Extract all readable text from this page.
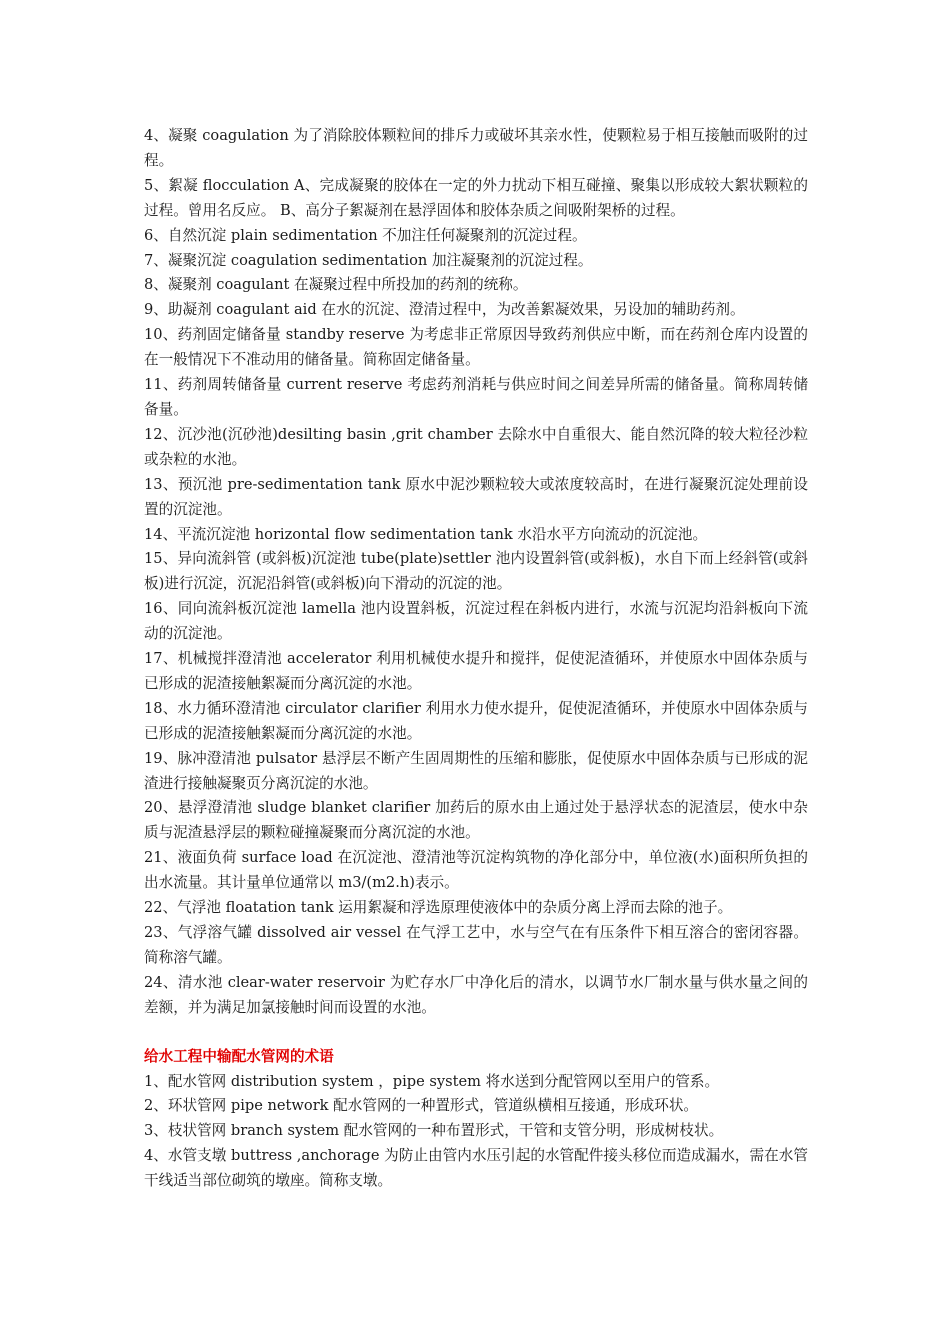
4、凝聚 coagulation 为了消除胶体颗粒间的排斥力或破坏其亲水性，使颗粒易于相互接触而吸附的过程。

5、絮凝 flocculation A、完成凝聚的胶体在一定的外力扰动下相互碰撞、聚集以形成较大絮状颗粒的过程。曾用名反应。 B、高分子絮凝剂在悬浮固体和胶体杂质之间吸附架桥的过程。

6、自然沉淀 plain sedimentation 不加注任何凝聚剂的沉淀过程。

7、凝聚沉淀 coagulation sedimentation 加注凝聚剂的沉淀过程。

8、凝聚剂 coagulant 在凝聚过程中所投加的药剂的统称。

9、助凝剂 coagulant aid 在水的沉淀、澄清过程中，为改善絮凝效果，另设加的辅助药剂。

10、药剂固定储备量 standby reserve 为考虑非正常原因导致药剂供应中断，而在药剂仓库内设置的在一般情况下不准动用的储备量。简称固定储备量。

11、药剂周转储备量 current reserve 考虑药剂消耗与供应时间之间差异所需的储备量。简称周转储备量。

12、沉沙池(沉砂池)desilting basin ,grit chamber 去除水中自重很大、能自然沉降的较大粒径沙粒或杂粒的水池。

13、预沉池 pre-sedimentation tank 原水中泥沙颗粒较大或浓度较高时，在进行凝聚沉淀处理前设置的沉淀池。

14、平流沉淀池 horizontal flow sedimentation tank 水沿水平方向流动的沉淀池。

15、异向流斜管 (或斜板)沉淀池 tube(plate)settler 池内设置斜管(或斜板)，水自下而上经斜管(或斜板)进行沉淀，沉泥沿斜管(或斜板)向下滑动的沉淀的池。

16、同向流斜板沉淀池 lamella 池内设置斜板，沉淀过程在斜板内进行，水流与沉泥均沿斜板向下流动的沉淀池。

17、机械搅拌澄清池 accelerator 利用机械使水提升和搅拌，促使泥渣循环，并使原水中固体杂质与已形成的泥渣接触絮凝而分离沉淀的水池。

18、水力循环澄清池 circulator clarifier 利用水力使水提升，促使泥渣循环，并使原水中固体杂质与已形成的泥渣接触絮凝而分离沉淀的水池。

19、脉冲澄清池 pulsator 悬浮层不断产生固周期性的压缩和膨胀，促使原水中固体杂质与已形成的泥渣进行接触凝聚页分离沉淀的水池。

20、悬浮澄清池 sludge blanket clarifier 加药后的原水由上通过处于悬浮状态的泥渣层，使水中杂质与泥渣悬浮层的颗粒碰撞凝聚而分离沉淀的水池。

21、液面负荷 surface load 在沉淀池、澄清池等沉淀构筑物的净化部分中，单位液(水)面积所负担的出水流量。其计量单位通常以 m3/(m2.h)表示。

22、气浮池 floatation tank 运用絮凝和浮选原理使液体中的杂质分离上浮而去除的池子。

23、气浮溶气罐 dissolved air vessel 在气浮工艺中，水与空气在有压条件下相互溶合的密闭容器。简称溶气罐。

24、清水池 clear-water reservoir 为贮存水厂中净化后的清水，以调节水厂制水量与供水量之间的差额，并为满足加氯接触时间而设置的水池。

给水工程中输配水管网的术语

1、配水管网 distribution system ，pipe system 将水送到分配管网以至用户的管系。

2、环状管网 pipe network 配水管网的一种置形式，管道纵横相互接通，形成环状。

3、枝状管网 branch system 配水管网的一种布置形式，干管和支管分明，形成树枝状。

4、水管支墩 buttress ,anchorage 为防止由管内水压引起的水管配件接头移位而造成漏水，需在水管干线适当部位砌筑的墩座。简称支墩。
